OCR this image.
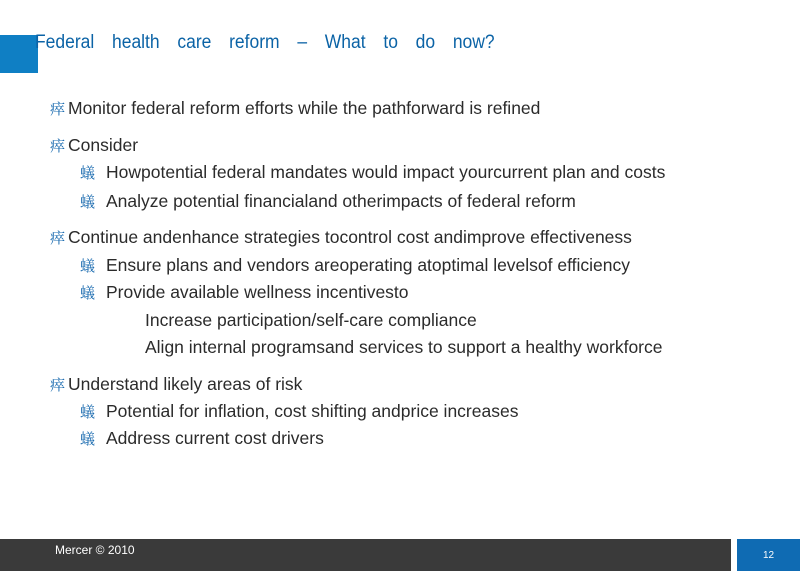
Federal health care reform – What to do now?
瘁 Monitor federal reform efforts while the pathforward is refined
瘁 Consider
蟻 Howpotential federal mandates would impact yourcurrent plan and costs
蟻 Analyze potential financialand otherimpacts of federal reform
瘁 Continue andenhance strategies tocontrol cost andimprove effectiveness
蟻 Ensure plans and vendors areoperating atoptimal levelsof efficiency
蟻 Provide available wellness incentivesto
Increase participation/self-care compliance
Align internal programsand services to support a healthy workforce
瘁 Understand likely areas of risk
蟻 Potential for inflation, cost shifting andprice increases
蟻 Address current cost drivers
Mercer © 2010	12
